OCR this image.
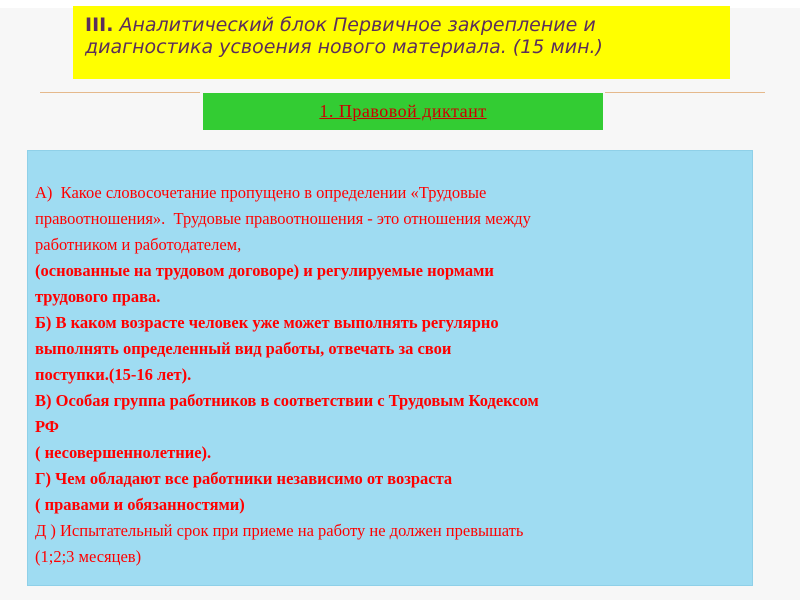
III. Аналитический блок Первичное закрепление и диагностика усвоения нового материала. (15 мин.)
1. Правовой диктант
А)  Какое словосочетание пропущено в определении «Трудовые
правоотношения».  Трудовые правоотношения - это отношения между
работником и работодателем,
(основанные на трудовом договоре) и регулируемые нормами
трудового права.
Б) В каком возрасте человек уже может выполнять регулярно
выполнять определенный вид работы, отвечать за свои
поступки.(15-16 лет).
В) Особая группа работников в соответствии с Трудовым Кодексом
РФ
( несовершеннолетние).
Г) Чем обладают все работники независимо от возраста
( правами и обязанностями)
Д ) Испытательный срок при приеме на работу не должен превышать
(1;2;3 месяцев)
